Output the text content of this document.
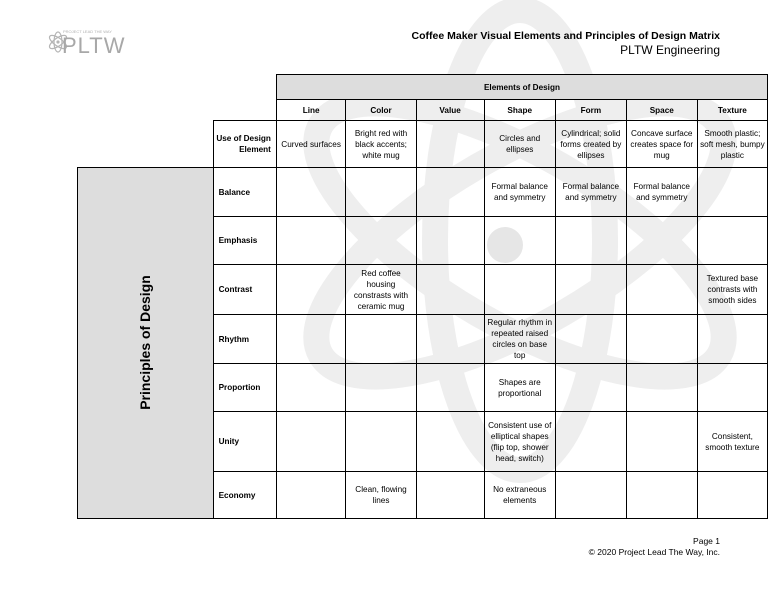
PROJECT LEAD THE WAY
PLTW	Coffee Maker Visual Elements and Principles of Design Matrix
PLTW Engineering
		Elements of Design						
		Line	Color	Value	Shape	Form	Space	Texture
	Use of Design Element	Curved surfaces	Bright red with black accents; white mug		Circles and ellipses	Cylindrical; solid forms created by ellipses	Concave surface creates space for mug	Smooth plastic; soft mesh, bumpy plastic
Principles of Design	Balance				Formal balance and symmetry	Formal balance and symmetry	Formal balance and symmetry	
	Emphasis							
	Contrast		Red coffee housing constrasts with ceramic mug					Textured base contrasts with smooth sides
	Rhythm				Regular rhythm in repeated raised circles on base top			
	Proportion				Shapes are proportional			
	Unity				Consistent use of elliptical shapes (flip top, shower head, switch)			Consistent, smooth texture
	Economy		Clean, flowing lines		No extraneous elements			
Page 1
© 2020 Project Lead The Way, Inc.
